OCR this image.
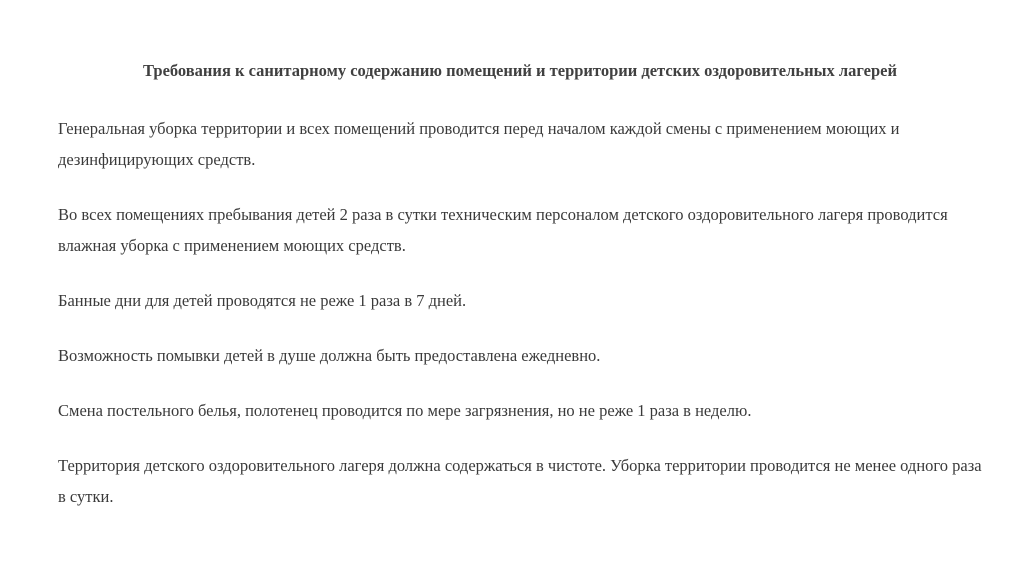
Требования к санитарному содержанию помещений и территории детских оздоровительных лагерей

Генеральная уборка территории и всех помещений проводится перед началом каждой смены с применением моющих и дезинфицирующих средств.

Во всех помещениях пребывания детей 2 раза в сутки техническим персоналом детского оздоровительного лагеря проводится влажная уборка с применением моющих средств.

Банные дни для детей проводятся не реже 1 раза в 7 дней.

Возможность помывки детей в душе должна быть предоставлена ежедневно.

Смена постельного белья, полотенец проводится по мере загрязнения, но не реже 1 раза в неделю.

Территория детского оздоровительного лагеря должна содержаться в чистоте. Уборка территории проводится не менее одного раза в сутки.
